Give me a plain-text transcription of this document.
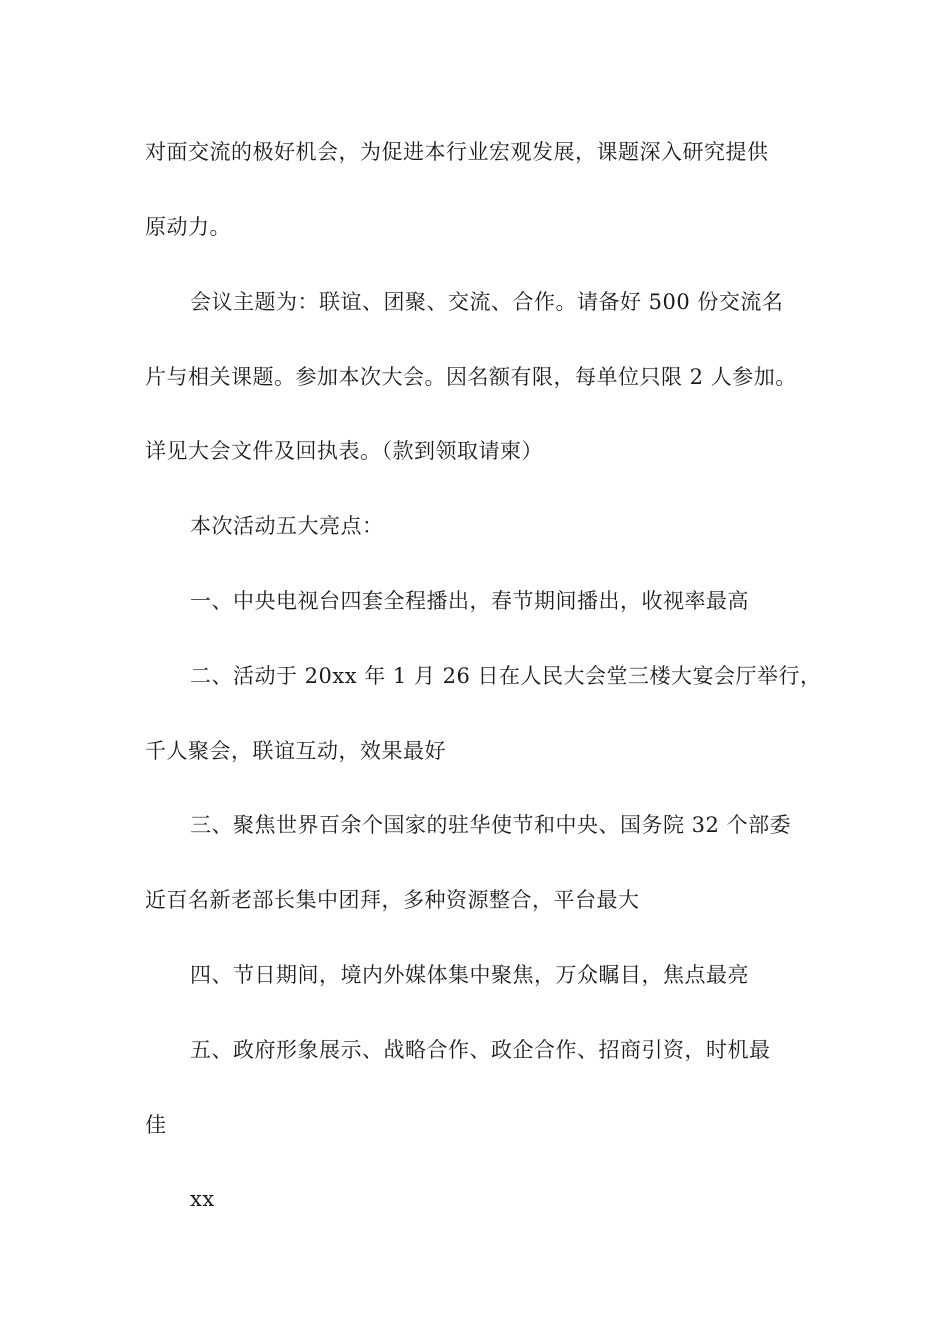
对面交流的极好机会，为促进本行业宏观发展，课题深入研究提供
原动力。
会议主题为：联谊、团聚、交流、合作。请备好 500 份交流名
片与相关课题。参加本次大会。因名额有限，每单位只限 2 人参加。
详见大会文件及回执表。（款到领取请柬）
本次活动五大亮点：
一、中央电视台四套全程播出，春节期间播出，收视率最高
二、活动于 20xx 年 1 月 26 日在人民大会堂三楼大宴会厅举行，
千人聚会，联谊互动，效果最好
三、聚焦世界百余个国家的驻华使节和中央、国务院 32 个部委
近百名新老部长集中团拜，多种资源整合，平台最大
四、节日期间，境内外媒体集中聚焦，万众瞩目，焦点最亮
五、政府形象展示、战略合作、政企合作、招商引资，时机最
佳
xx
